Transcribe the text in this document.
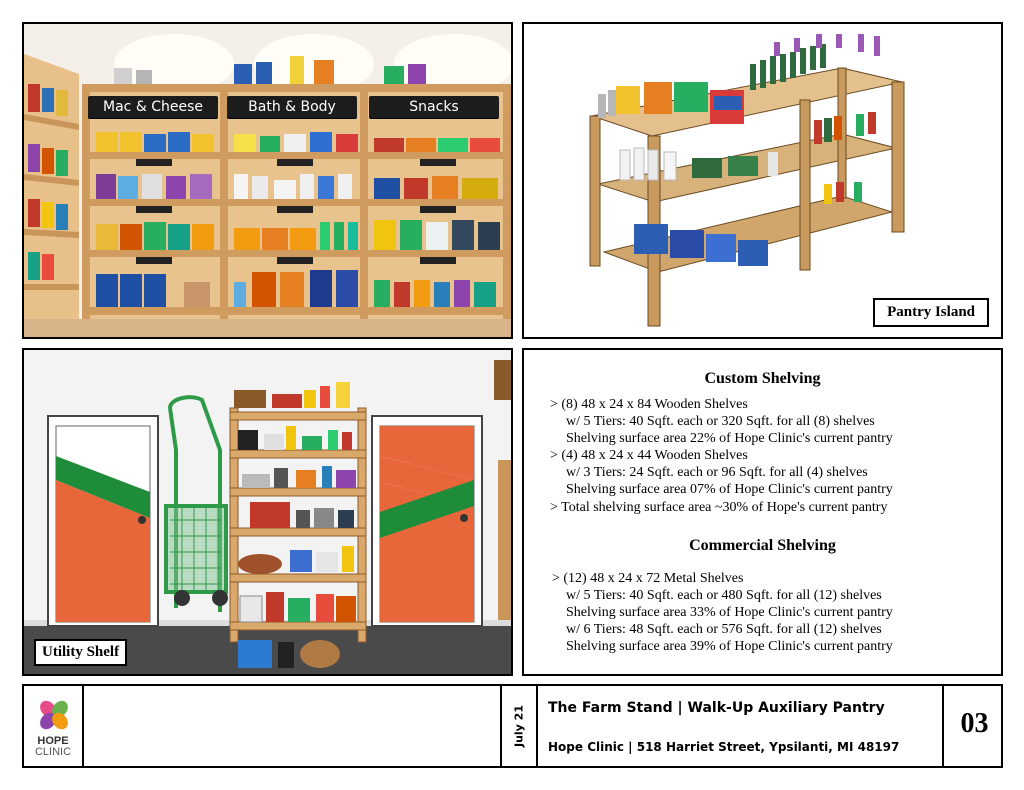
Mac & Cheese	Bath & Body	Snacks
Pantry Island
Utility Shelf
Custom Shelving
> (8) 48 x 24 x 84 Wooden Shelves
w/ 5 Tiers: 40 Sqft. each or 320 Sqft. for all (8) shelves
Shelving surface area 22% of Hope Clinic's current pantry
> (4) 48 x 24 x 44 Wooden Shelves
w/ 3 Tiers: 24 Sqft. each or 96 Sqft. for all (4) shelves
Shelving surface area 07% of Hope Clinic's current pantry
> Total shelving surface area ~30% of Hope's current pantry
Commercial Shelving
> (12) 48 x 24 x 72 Metal Shelves
w/ 5 Tiers: 40 Sqft. each or 480 Sqft. for all (12) shelves
Shelving surface area 33% of Hope Clinic's current pantry
w/ 6 Tiers: 48 Sqft. each or 576 Sqft. for all (12) shelves
Shelving surface area 39% of Hope Clinic's current pantry
HOPE
CLINIC
July 21 The Farm Stand | Walk-Up Auxiliary Pantry
Hope Clinic | 518 Harriet Street, Ypsilanti, MI 48197
03
